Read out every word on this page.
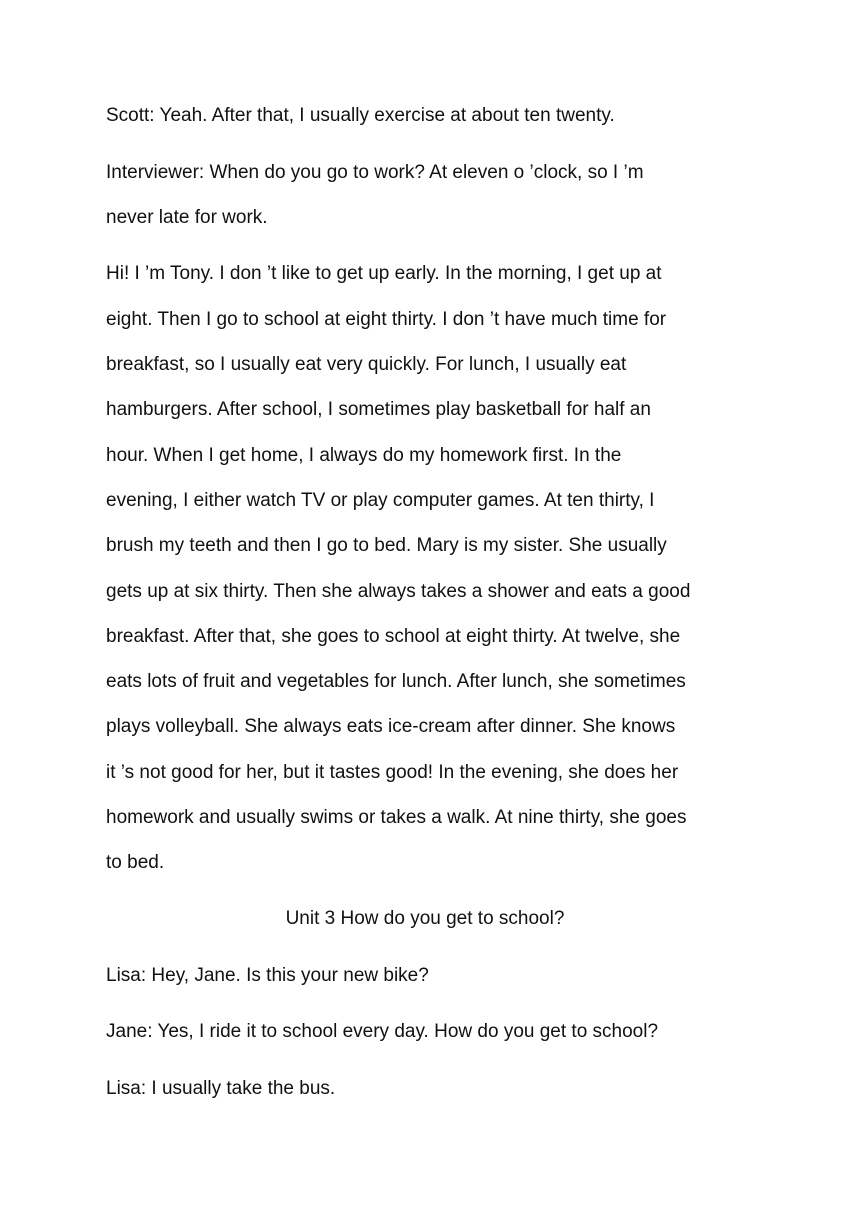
Scott: Yeah. After that, I usually exercise at about ten twenty.
Interviewer: When do you go to work? At eleven o ’clock, so I ’m
never late for work.
Hi! I ’m Tony. I don ’t like to get up early. In the morning, I get up at
eight. Then I go to school at eight thirty. I don ’t have much time for
breakfast, so I usually eat very quickly. For lunch, I usually eat
hamburgers. After school, I sometimes play basketball for half an
hour. When I get home, I always do my homework first. In the
evening, I either watch TV or play computer games. At ten thirty, I
brush my teeth and then I go to bed. Mary is my sister. She usually
gets up at six thirty. Then she always takes a shower and eats a good
breakfast. After that, she goes to school at eight thirty. At twelve, she
eats lots of fruit and vegetables for lunch. After lunch, she sometimes
plays volleyball. She always eats ice-cream after dinner. She knows
it ’s not good for her, but it tastes good! In the evening, she does her
homework and usually swims or takes a walk. At nine thirty, she goes
to bed.
Unit 3 How do you get to school?
Lisa: Hey, Jane. Is this your new bike?
Jane: Yes, I ride it to school every day. How do you get to school?
Lisa: I usually take the bus.
